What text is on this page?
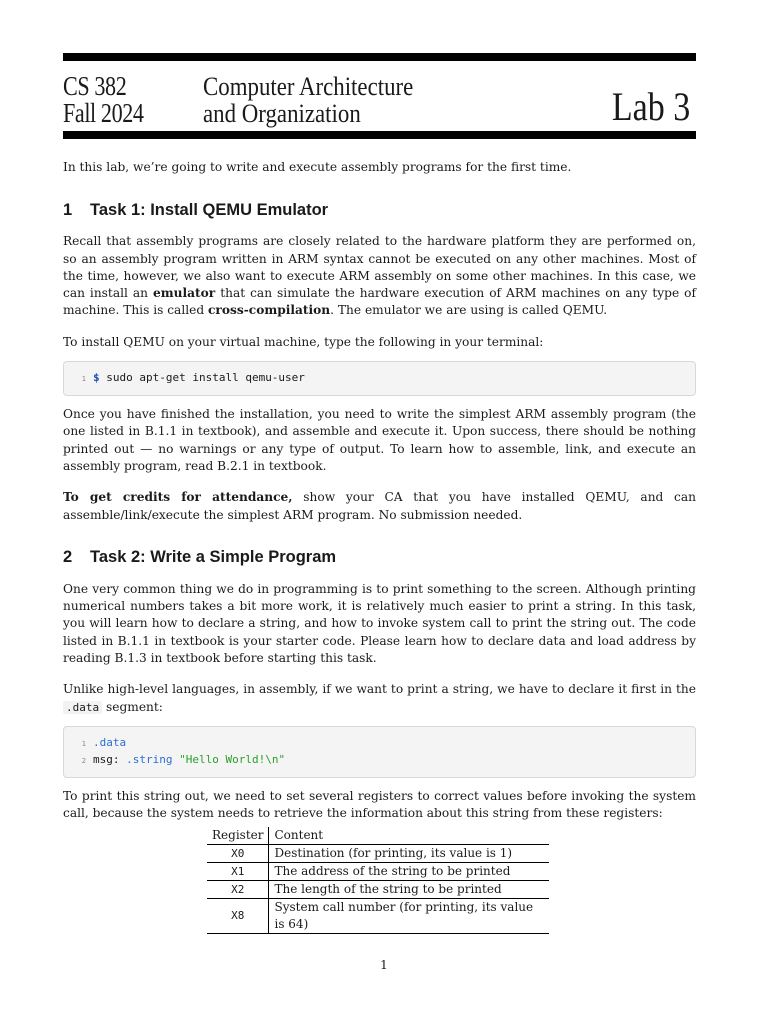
CS 382
Fall 2024
Computer Architecture
and Organization	Lab 3

In this lab, we’re going to write and execute assembly programs for the first time.

1 Task 1: Install QEMU Emulator

Recall that assembly programs are closely related to the hardware platform they are performed on, so an assembly program written in ARM syntax cannot be executed on any other machines. Most of the time, however, we also want to execute ARM assembly on some other machines. In this case, we can install an emulator that can simulate the hardware execution of ARM machines on any type of machine. This is called cross-compilation. The emulator we are using is called QEMU.

To install QEMU on your virtual machine, type the following in your terminal:

1 $ sudo apt-get install qemu-user

Once you have finished the installation, you need to write the simplest ARM assembly program (the one listed in B.1.1 in textbook), and assemble and execute it. Upon success, there should be nothing printed out — no warnings or any type of output. To learn how to assemble, link, and execute an assembly program, read B.2.1 in textbook.

To get credits for attendance, show your CA that you have installed QEMU, and can assemble/link/execute the simplest ARM program. No submission needed.

2 Task 2: Write a Simple Program

One very common thing we do in programming is to print something to the screen. Although printing numerical numbers takes a bit more work, it is relatively much easier to print a string. In this task, you will learn how to declare a string, and how to invoke system call to print the string out. The code listed in B.1.1 in textbook is your starter code. Please learn how to declare data and load address by reading B.1.3 in textbook before starting this task.

Unlike high-level languages, in assembly, if we want to print a string, we have to declare it first in the .data segment:

1 .data
2 msg: .string "Hello World!\n"

To print this string out, we need to set several registers to correct values before invoking the system call, because the system needs to retrieve the information about this string from these registers:

Register	Content
X0	Destination (for printing, its value is 1)
X1	The address of the string to be printed
X2	The length of the string to be printed
X8	System call number (for printing, its value is 64)
1
